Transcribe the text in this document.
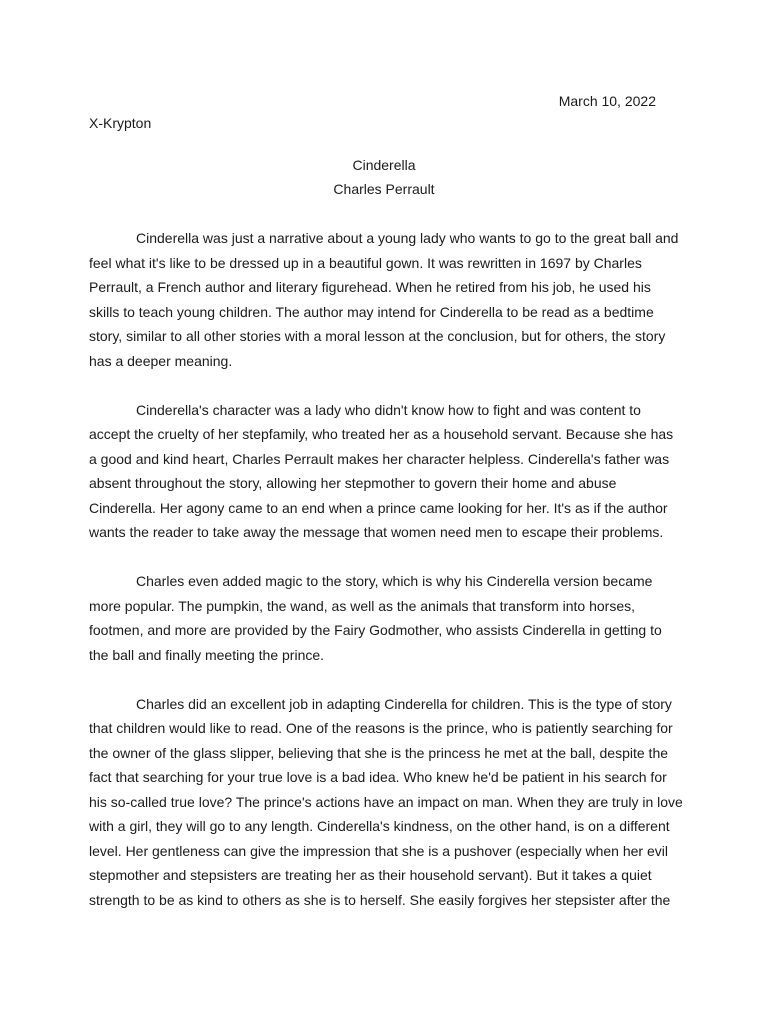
March 10, 2022
X-Krypton
Cinderella
Charles Perrault
Cinderella was just a narrative about a young lady who wants to go to the great ball and
feel what it's like to be dressed up in a beautiful gown. It was rewritten in 1697 by Charles
Perrault, a French author and literary figurehead. When he retired from his job, he used his
skills to teach young children. The author may intend for Cinderella to be read as a bedtime
story, similar to all other stories with a moral lesson at the conclusion, but for others, the story
has a deeper meaning.
Cinderella's character was a lady who didn't know how to fight and was content to
accept the cruelty of her stepfamily, who treated her as a household servant. Because she has
a good and kind heart, Charles Perrault makes her character helpless. Cinderella's father was
absent throughout the story, allowing her stepmother to govern their home and abuse
Cinderella. Her agony came to an end when a prince came looking for her. It's as if the author
wants the reader to take away the message that women need men to escape their problems.
Charles even added magic to the story, which is why his Cinderella version became
more popular. The pumpkin, the wand, as well as the animals that transform into horses,
footmen, and more are provided by the Fairy Godmother, who assists Cinderella in getting to
the ball and finally meeting the prince.
Charles did an excellent job in adapting Cinderella for children. This is the type of story
that children would like to read. One of the reasons is the prince, who is patiently searching for
the owner of the glass slipper, believing that she is the princess he met at the ball, despite the
fact that searching for your true love is a bad idea. Who knew he'd be patient in his search for
his so-called true love? The prince's actions have an impact on man. When they are truly in love
with a girl, they will go to any length. Cinderella's kindness, on the other hand, is on a different
level. Her gentleness can give the impression that she is a pushover (especially when her evil
stepmother and stepsisters are treating her as their household servant). But it takes a quiet
strength to be as kind to others as she is to herself. She easily forgives her stepsister after the
